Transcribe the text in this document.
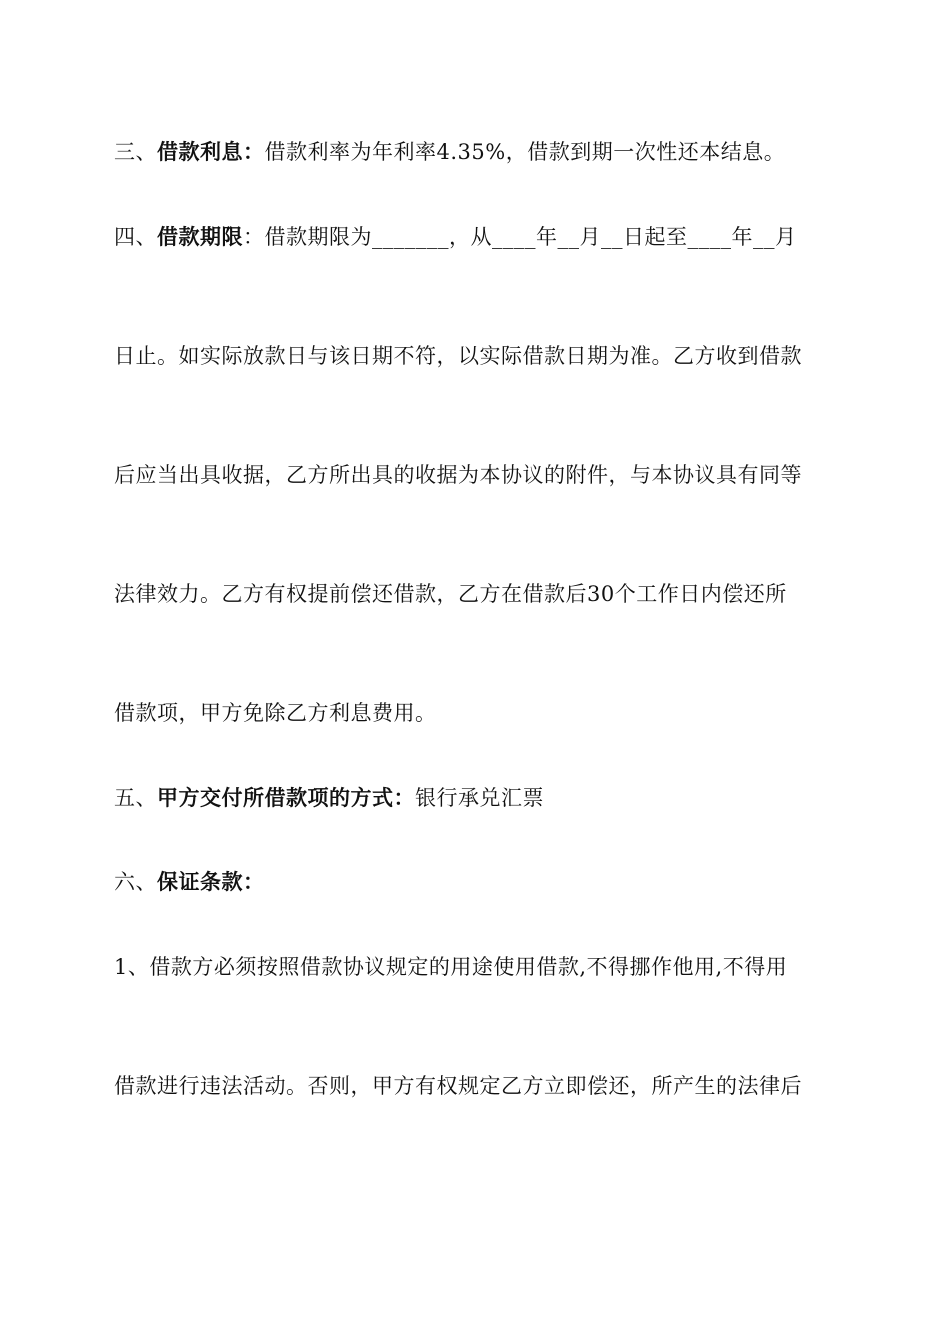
三、借款利息：借款利率为年利率4.35%，借款到期一次性还本结息。
四、借款期限：借款期限为_______，从____年__月__日起至____年__月
日止。如实际放款日与该日期不符，以实际借款日期为准。乙方收到借款
后应当出具收据，乙方所出具的收据为本协议的附件，与本协议具有同等
法律效力。乙方有权提前偿还借款，乙方在借款后30个工作日内偿还所
借款项，甲方免除乙方利息费用。
五、甲方交付所借款项的方式：银行承兑汇票
六、保证条款：
1、借款方必须按照借款协议规定的用途使用借款,不得挪作他用,不得用
借款进行违法活动。否则，甲方有权规定乙方立即偿还，所产生的法律后
